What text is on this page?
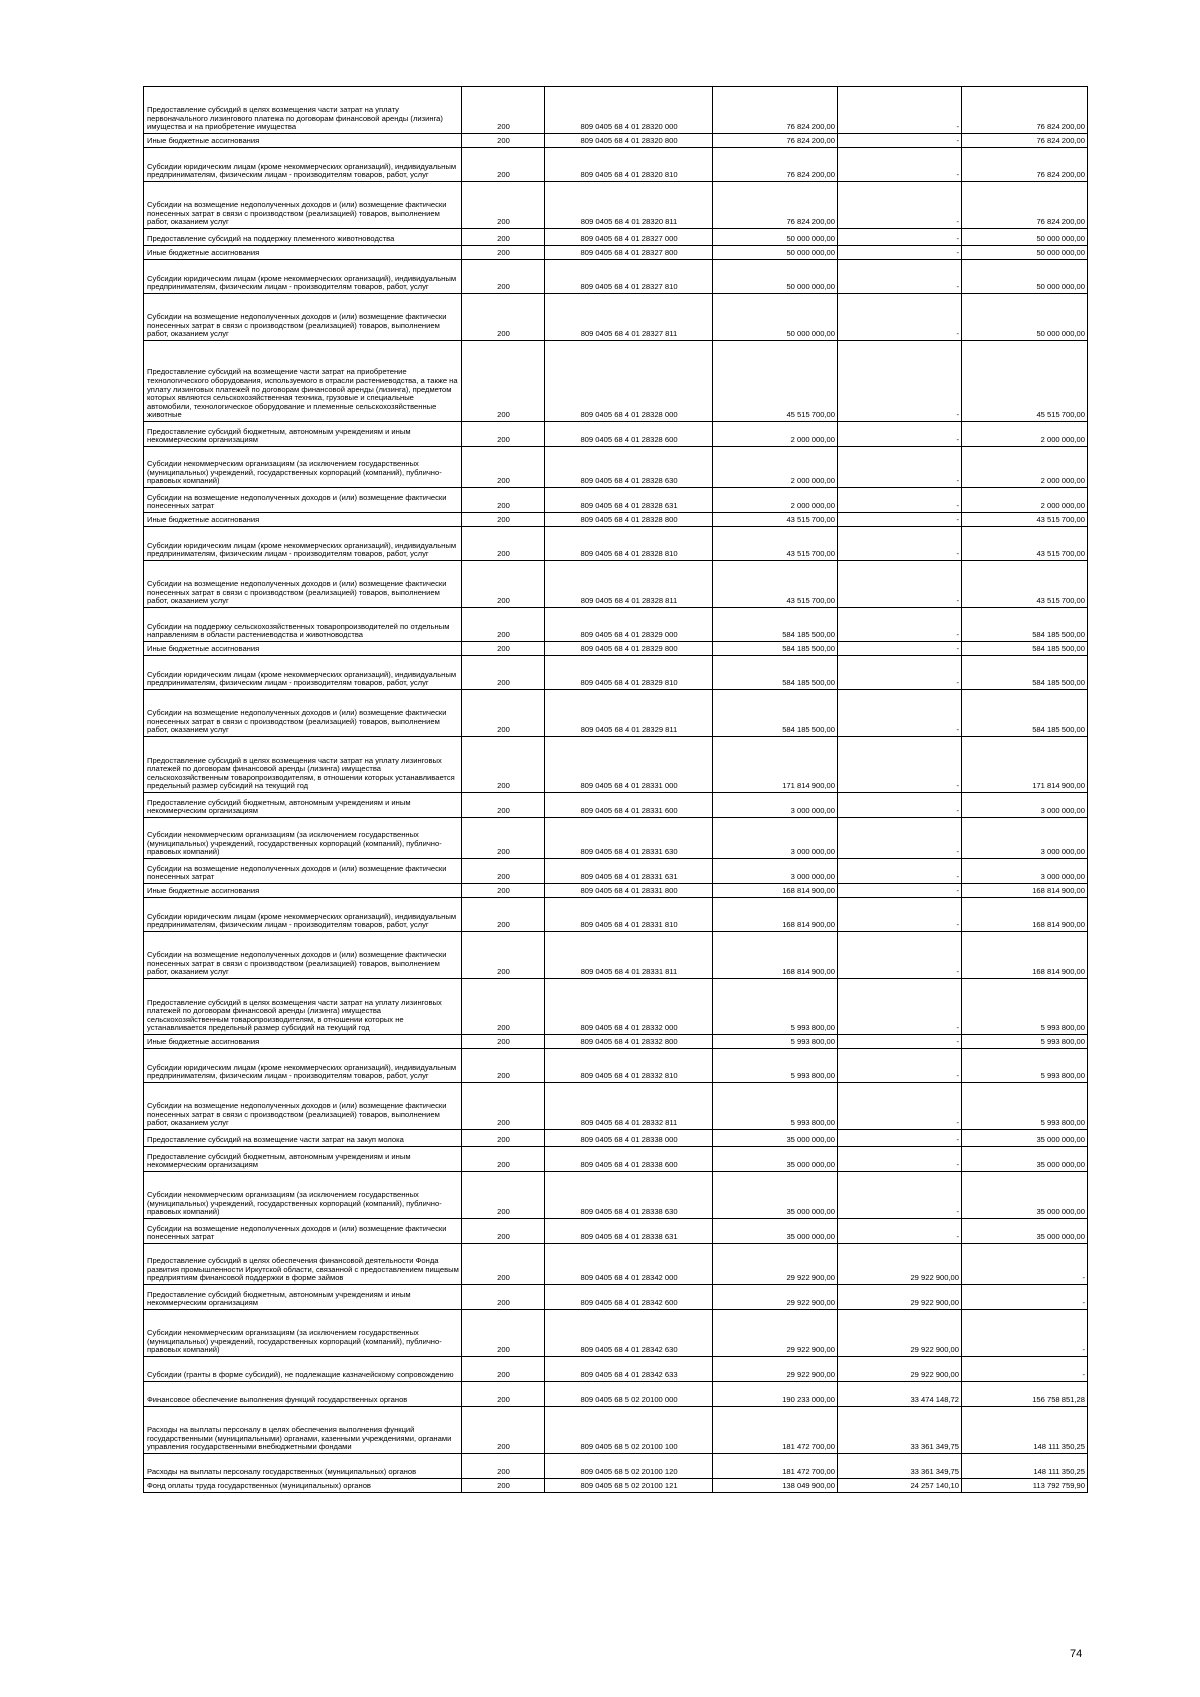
Предоставление субсидий в целях возмещения части затрат на уплату первоначального лизингового платежа по договорам финансовой аренды (лизинга) имущества и на приобретение имущества	200	809 0405 68 4 01 28320 000	76 824 200,00	-	76 824 200,00
Иные бюджетные ассигнования	200	809 0405 68 4 01 28320 800	76 824 200,00	-	76 824 200,00
Субсидии юридическим лицам (кроме некоммерческих организаций), индивидуальным предпринимателям, физическим лицам - производителям товаров, работ, услуг	200	809 0405 68 4 01 28320 810	76 824 200,00	-	76 824 200,00
Субсидии на возмещение недополученных доходов и (или) возмещение фактически понесенных затрат в связи с производством (реализацией) товаров, выполнением работ, оказанием услуг	200	809 0405 68 4 01 28320 811	76 824 200,00	-	76 824 200,00
Предоставление субсидий на поддержку племенного животноводства	200	809 0405 68 4 01 28327 000	50 000 000,00	-	50 000 000,00
Иные бюджетные ассигнования	200	809 0405 68 4 01 28327 800	50 000 000,00	-	50 000 000,00
Субсидии юридическим лицам (кроме некоммерческих организаций), индивидуальным предпринимателям, физическим лицам - производителям товаров, работ, услуг	200	809 0405 68 4 01 28327 810	50 000 000,00	-	50 000 000,00
Субсидии на возмещение недополученных доходов и (или) возмещение фактически понесенных затрат в связи с производством (реализацией) товаров, выполнением работ, оказанием услуг	200	809 0405 68 4 01 28327 811	50 000 000,00	-	50 000 000,00
Предоставление субсидий на возмещение части затрат на приобретение технологического оборудования, используемого в отрасли растениеводства, а также на уплату лизинговых платежей по договорам финансовой аренды (лизинга), предметом которых являются сельскохозяйственная техника, грузовые и специальные автомобили, технологическое оборудование и племенные сельскохозяйственные животные	200	809 0405 68 4 01 28328 000	45 515 700,00	-	45 515 700,00
Предоставление субсидий бюджетным, автономным учреждениям и иным некоммерческим организациям	200	809 0405 68 4 01 28328 600	2 000 000,00	-	2 000 000,00
Субсидии некоммерческим организациям (за исключением государственных (муниципальных) учреждений, государственных корпораций (компаний), публично-правовых компаний)	200	809 0405 68 4 01 28328 630	2 000 000,00	-	2 000 000,00
Субсидии на возмещение недополученных доходов и (или) возмещение фактически понесенных затрат	200	809 0405 68 4 01 28328 631	2 000 000,00	-	2 000 000,00
Иные бюджетные ассигнования	200	809 0405 68 4 01 28328 800	43 515 700,00	-	43 515 700,00
Субсидии юридическим лицам (кроме некоммерческих организаций), индивидуальным предпринимателям, физическим лицам - производителям товаров, работ, услуг	200	809 0405 68 4 01 28328 810	43 515 700,00	-	43 515 700,00
Субсидии на возмещение недополученных доходов и (или) возмещение фактически понесенных затрат в связи с производством (реализацией) товаров, выполнением работ, оказанием услуг	200	809 0405 68 4 01 28328 811	43 515 700,00	-	43 515 700,00
Субсидии на поддержку сельскохозяйственных товаропроизводителей по отдельным направлениям в области растениеводства и животноводства	200	809 0405 68 4 01 28329 000	584 185 500,00	-	584 185 500,00
Иные бюджетные ассигнования	200	809 0405 68 4 01 28329 800	584 185 500,00	-	584 185 500,00
Субсидии юридическим лицам (кроме некоммерческих организаций), индивидуальным предпринимателям, физическим лицам - производителям товаров, работ, услуг	200	809 0405 68 4 01 28329 810	584 185 500,00	-	584 185 500,00
Субсидии на возмещение недополученных доходов и (или) возмещение фактически понесенных затрат в связи с производством (реализацией) товаров, выполнением работ, оказанием услуг	200	809 0405 68 4 01 28329 811	584 185 500,00	-	584 185 500,00
Предоставление субсидий в целях возмещения части затрат на уплату лизинговых платежей по договорам финансовой аренды (лизинга) имущества сельскохозяйственным товаропроизводителям, в отношении которых устанавливается предельный размер субсидий на текущий год	200	809 0405 68 4 01 28331 000	171 814 900,00	-	171 814 900,00
Предоставление субсидий бюджетным, автономным учреждениям и иным некоммерческим организациям	200	809 0405 68 4 01 28331 600	3 000 000,00	-	3 000 000,00
Субсидии некоммерческим организациям (за исключением государственных (муниципальных) учреждений, государственных корпораций (компаний), публично-правовых компаний)	200	809 0405 68 4 01 28331 630	3 000 000,00	-	3 000 000,00
Субсидии на возмещение недополученных доходов и (или) возмещение фактически понесенных затрат	200	809 0405 68 4 01 28331 631	3 000 000,00	-	3 000 000,00
Иные бюджетные ассигнования	200	809 0405 68 4 01 28331 800	168 814 900,00	-	168 814 900,00
Субсидии юридическим лицам (кроме некоммерческих организаций), индивидуальным предпринимателям, физическим лицам - производителям товаров, работ, услуг	200	809 0405 68 4 01 28331 810	168 814 900,00	-	168 814 900,00
Субсидии на возмещение недополученных доходов и (или) возмещение фактически понесенных затрат в связи с производством (реализацией) товаров, выполнением работ, оказанием услуг	200	809 0405 68 4 01 28331 811	168 814 900,00	-	168 814 900,00
Предоставление субсидий в целях возмещения части затрат на уплату лизинговых платежей по договорам финансовой аренды (лизинга) имущества сельскохозяйственным товаропроизводителям, в отношении которых не устанавливается предельный размер субсидий на текущий год	200	809 0405 68 4 01 28332 000	5 993 800,00	-	5 993 800,00
Иные бюджетные ассигнования	200	809 0405 68 4 01 28332 800	5 993 800,00	-	5 993 800,00
Субсидии юридическим лицам (кроме некоммерческих организаций), индивидуальным предпринимателям, физическим лицам - производителям товаров, работ, услуг	200	809 0405 68 4 01 28332 810	5 993 800,00	-	5 993 800,00
Субсидии на возмещение недополученных доходов и (или) возмещение фактически понесенных затрат в связи с производством (реализацией) товаров, выполнением работ, оказанием услуг	200	809 0405 68 4 01 28332 811	5 993 800,00	-	5 993 800,00
Предоставление субсидий на возмещение части затрат на закуп молока	200	809 0405 68 4 01 28338 000	35 000 000,00	-	35 000 000,00
Предоставление субсидий бюджетным, автономным учреждениям и иным некоммерческим организациям	200	809 0405 68 4 01 28338 600	35 000 000,00	-	35 000 000,00
Субсидии некоммерческим организациям (за исключением государственных (муниципальных) учреждений, государственных корпораций (компаний), публично-правовых компаний)	200	809 0405 68 4 01 28338 630	35 000 000,00	-	35 000 000,00
Субсидии на возмещение недополученных доходов и (или) возмещение фактически понесенных затрат	200	809 0405 68 4 01 28338 631	35 000 000,00	-	35 000 000,00
Предоставление субсидий в целях обеспечения финансовой деятельности Фонда развития промышленности Иркутской области, связанной с предоставлением пищевым предприятиям финансовой поддержки в форме займов	200	809 0405 68 4 01 28342 000	29 922 900,00	29 922 900,00	-
Предоставление субсидий бюджетным, автономным учреждениям и иным некоммерческим организациям	200	809 0405 68 4 01 28342 600	29 922 900,00	29 922 900,00	-
Субсидии некоммерческим организациям (за исключением государственных (муниципальных) учреждений, государственных корпораций (компаний), публично-правовых компаний)	200	809 0405 68 4 01 28342 630	29 922 900,00	29 922 900,00	-
Субсидии (гранты в форме субсидий), не подлежащие казначейскому сопровождению	200	809 0405 68 4 01 28342 633	29 922 900,00	29 922 900,00	-
Финансовое обеспечение выполнения функций государственных органов	200	809 0405 68 5 02 20100 000	190 233 000,00	33 474 148,72	156 758 851,28
Расходы на выплаты персоналу в целях обеспечения выполнения функций государственными (муниципальными) органами, казенными учреждениями, органами управления государственными внебюджетными фондами	200	809 0405 68 5 02 20100 100	181 472 700,00	33 361 349,75	148 111 350,25
Расходы на выплаты персоналу государственных (муниципальных) органов	200	809 0405 68 5 02 20100 120	181 472 700,00	33 361 349,75	148 111 350,25
Фонд оплаты труда государственных (муниципальных) органов	200	809 0405 68 5 02 20100 121	138 049 900,00	24 257 140,10	113 792 759,90
74
